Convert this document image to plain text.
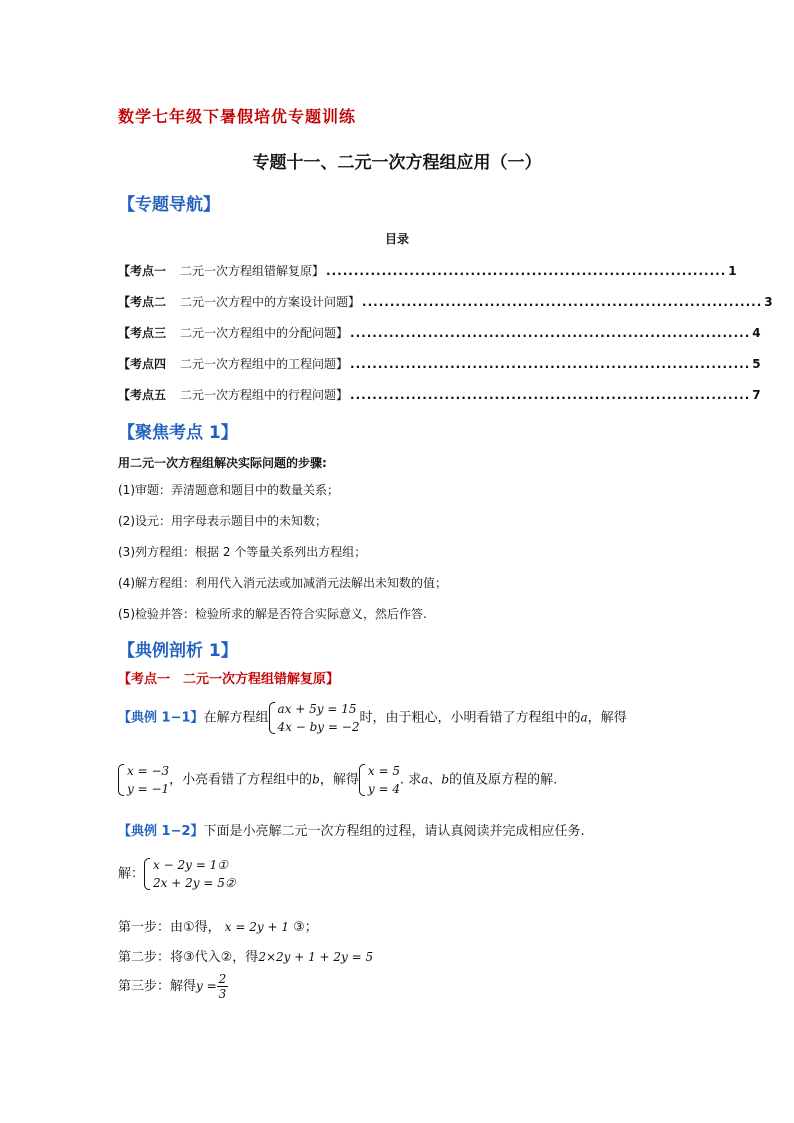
数学七年级下暑假培优专题训练
专题十一、二元一次方程组应用（一）
【专题导航】
目录
【考点一 二元一次方程组错解复原】 ........................................................................ 1
【考点二 二元一次方程中的方案设计问题】 ........................................................................ 3
【考点三 二元一次方程组中的分配问题】 ........................................................................ 4
【考点四 二元一次方程组中的工程问题】 ........................................................................ 5
【考点五 二元一次方程组中的行程问题】 ........................................................................ 7
【聚焦考点 1】
用二元一次方程组解决实际问题的步骤:
(1)审题：弄清题意和题目中的数量关系；
(2)设元：用字母表示题目中的未知数；
(3)列方程组：根据 2 个等量关系列出方程组；
(4)解方程组：利用代入消元法或加减消元法解出未知数的值；
(5)检验并答：检验所求的解是否符合实际意义，然后作答.
【典例剖析 1】
【考点一　二元一次方程组错解复原】
【典例 1−1】在解方程组
ax + 5y = 15
4x − by = −2
时，由于粗心，小明看错了方程组中的a，解得
x = −3
y = −1
，小亮看错了方程组中的b，解得
x = 5
y = 4
. 求a、b的值及原方程的解.
【典例 1−2】下面是小亮解二元一次方程组的过程，请认真阅读并完成相应任务.
解：
x − 2y = 1①
2x + 2y = 5②
第一步：由①得， x = 2y + 1 ③；
第二步：将③代入②，得2×2y + 1 + 2y = 5
第三步：解得$y = \frac{2}{3}$
